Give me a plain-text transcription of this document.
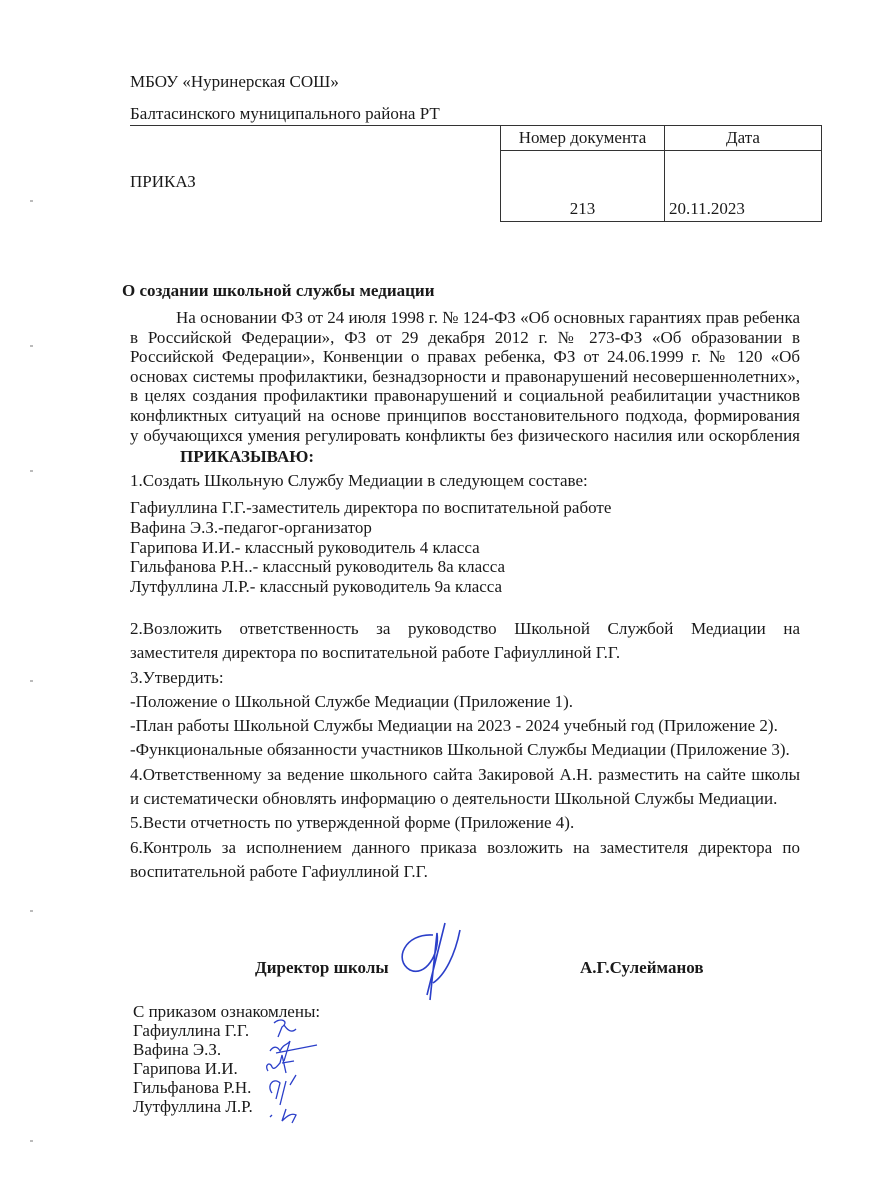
МБОУ «Нуринерская СОШ»
Балтасинского муниципального района РТ
Номер документа	Дата
213	20.11.2023
ПРИКАЗ
О создании школьной службы медиации
На основании ФЗ от 24 июля 1998 г. № 124-ФЗ «Об основных гарантиях прав ребенка
в Российской Федерации», ФЗ от 29 декабря 2012 г. № 273-ФЗ «Об образовании в
Российской Федерации», Конвенции о правах ребенка, ФЗ от 24.06.1999 г. № 120 «Об
основах системы профилактики, безнадзорности и правонарушений несовершеннолетних»,
в целях создания профилактики правонарушений и социальной реабилитации участников
конфликтных ситуаций на основе принципов восстановительного подхода, формирования
у обучающихся умения регулировать конфликты без физического насилия или оскорбления
ПРИКАЗЫВАЮ:
1.Создать Школьную Службу Медиации в следующем составе:
Гафиуллина Г.Г.-заместитель директора по воспитательной работе
Вафина Э.З.-педагог-организатор
Гарипова И.И.- классный руководитель 4 класса
Гильфанова Р.Н..- классный руководитель 8а класса
Лутфуллина Л.Р.- классный руководитель 9а класса
2.Возложить ответственность за руководство Школьной Службой Медиации на
заместителя директора по воспитательной работе Гафиуллиной Г.Г.
3.Утвердить:
-Положение о Школьной Службе Медиации (Приложение 1).
-План работы Школьной Службы Медиации на 2023 - 2024 учебный год (Приложение 2).
-Функциональные обязанности участников Школьной Службы Медиации (Приложение 3).
4.Ответственному за ведение школьного сайта Закировой А.Н. разместить на сайте школы
и систематически обновлять информацию о деятельности Школьной Службы Медиации.
5.Вести отчетность по утвержденной форме (Приложение 4).
6.Контроль за исполнением данного приказа возложить на заместителя директора по
воспитательной работе Гафиуллиной Г.Г.
Директор школы	А.Г.Сулейманов
С приказом ознакомлены:
Гафиуллина Г.Г.
Вафина Э.З.
Гарипова И.И.
Гильфанова Р.Н.
Лутфуллина Л.Р.
